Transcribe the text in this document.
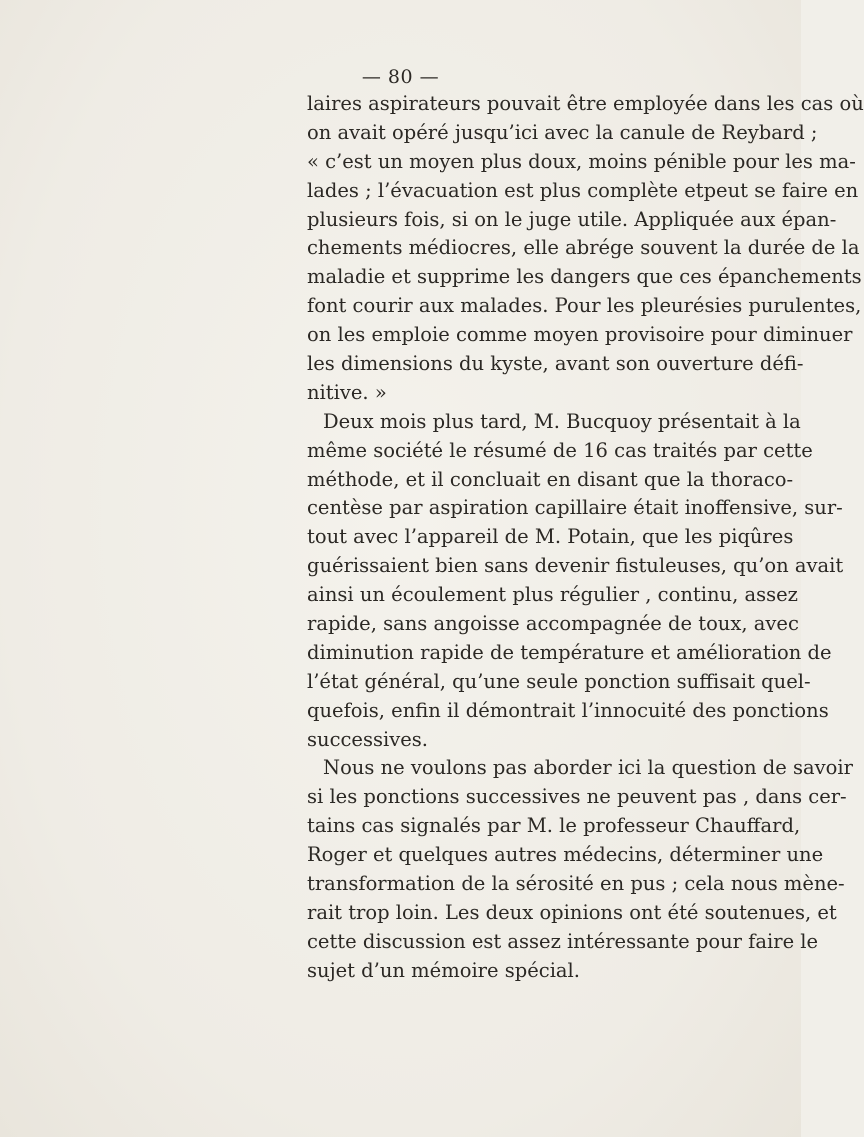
— 80 —
laires aspirateurs pouvait être employée dans les cas où
on avait opéré jusqu’ici avec la canule de Reybard ;
« c’est un moyen plus doux, moins pénible pour les ma-
lades ; l’évacuation est plus complète etpeut se faire en
plusieurs fois, si on le juge utile. Appliquée aux épan-
chements médiocres, elle abrége souvent la durée de la
maladie et supprime les dangers que ces épanchements
font courir aux malades. Pour les pleurésies purulentes,
on les emploie comme moyen provisoire pour diminuer
les dimensions du kyste, avant son ouverture défi-
nitive. »
Deux mois plus tard, M. Bucquoy présentait à la
même société le résumé de 16 cas traités par cette
méthode, et il concluait en disant que la thoraco-
centèse par aspiration capillaire était inoffensive, sur-
tout avec l’appareil de M. Potain, que les piqûres
guérissaient bien sans devenir fistuleuses, qu’on avait
ainsi un écoulement plus régulier , continu, assez
rapide, sans angoisse accompagnée de toux, avec
diminution rapide de température et amélioration de
l’état général, qu’une seule ponction suffisait quel-
quefois, enfin il démontrait l’innocuité des ponctions
successives.
Nous ne voulons pas aborder ici la question de savoir
si les ponctions successives ne peuvent pas , dans cer-
tains cas signalés par M. le professeur Chauffard,
Roger et quelques autres médecins, déterminer une
transformation de la sérosité en pus ; cela nous mène-
rait trop loin. Les deux opinions ont été soutenues, et
cette discussion est assez intéressante pour faire le
sujet d’un mémoire spécial.
